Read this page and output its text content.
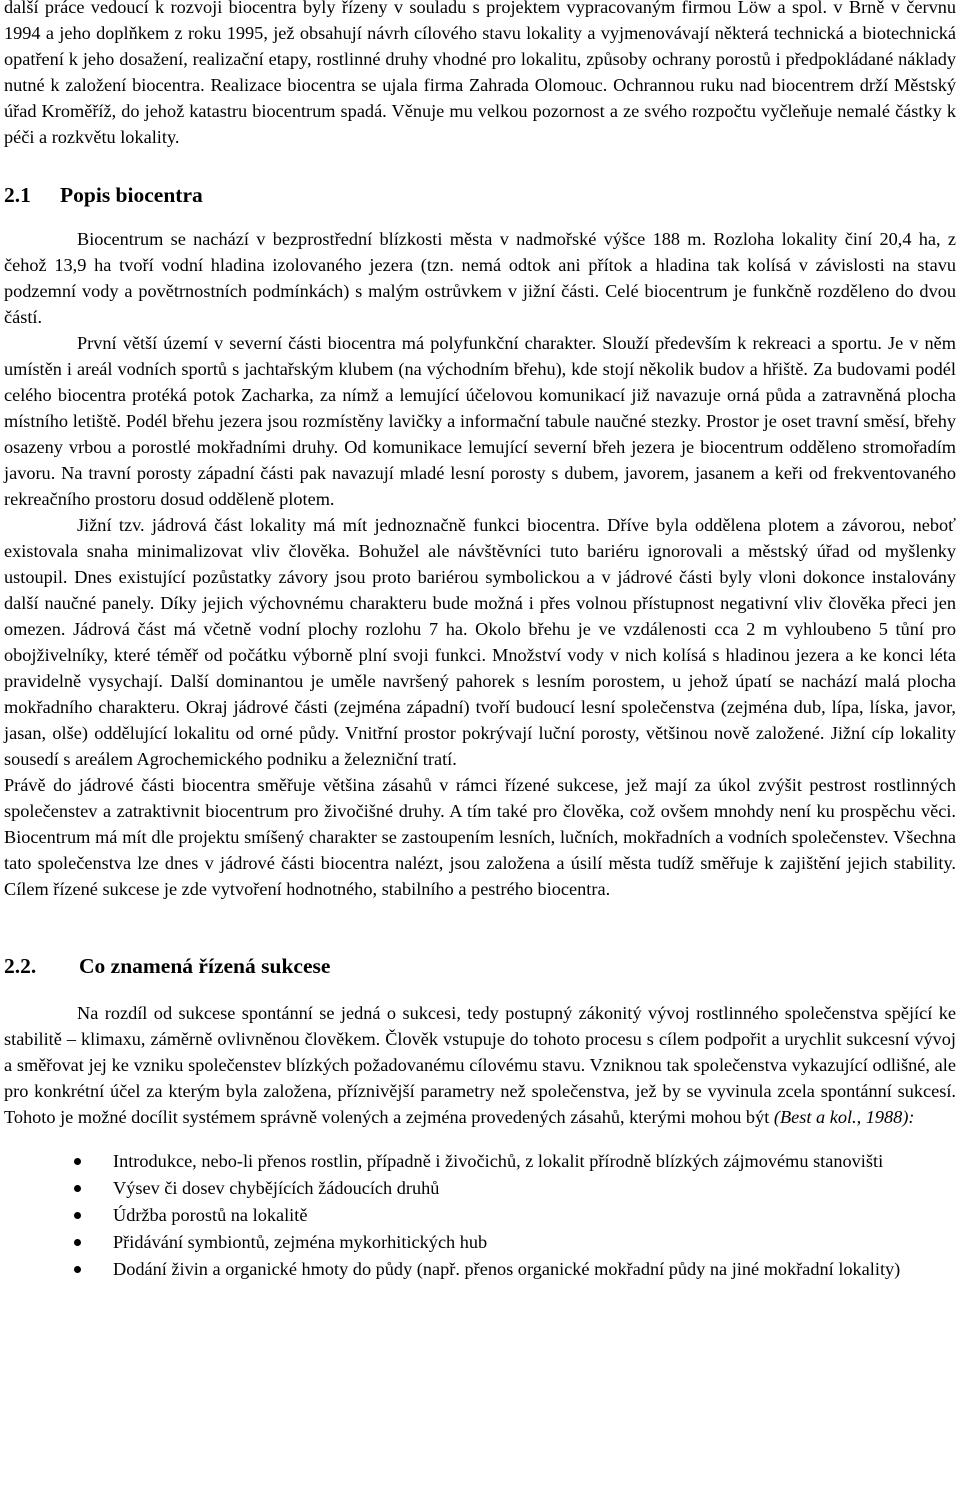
další práce vedoucí k rozvoji biocentra byly řízeny v souladu s projektem vypracovaným firmou Löw a spol. v Brně v červnu 1994 a jeho doplňkem z roku 1995, jež obsahují návrh cílového stavu lokality a vyjmenovávají některá technická a biotechnická opatření k jeho dosažení, realizační etapy, rostlinné druhy vhodné pro lokalitu, způsoby ochrany porostů i předpokládané náklady nutné k založení biocentra. Realizace biocentra se ujala firma Zahrada Olomouc. Ochrannou ruku nad biocentrem drží Městský úřad Kroměříž, do jehož katastru biocentrum spadá. Věnuje mu velkou pozornost a ze svého rozpočtu vyčleňuje nemalé částky k péči a rozkvětu lokality.

2.1 Popis biocentra

Biocentrum se nachází v bezprostřední blízkosti města v nadmořské výšce 188 m. Rozloha lokality činí 20,4 ha, z čehož 13,9 ha tvoří vodní hladina izolovaného jezera (tzn. nemá odtok ani přítok a hladina tak kolísá v závislosti na stavu podzemní vody a povětrnostních podmínkách) s malým ostrůvkem v jižní části. Celé biocentrum je funkčně rozděleno do dvou částí.

První větší území v severní části biocentra má polyfunkční charakter. Slouží především k rekreaci a sportu. Je v něm umístěn i areál vodních sportů s jachtařským klubem (na východním břehu), kde stojí několik budov a hřiště. Za budovami podél celého biocentra protéká potok Zacharka, za nímž a lemující účelovou komunikací již navazuje orná půda a zatravněná plocha místního letiště. Podél břehu jezera jsou rozmístěny lavičky a informační tabule naučné stezky. Prostor je oset travní směsí, břehy osazeny vrbou a porostlé mokřadními druhy. Od komunikace lemující severní břeh jezera je biocentrum odděleno stromořadím javoru. Na travní porosty západní části pak navazují mladé lesní porosty s dubem, javorem, jasanem a keři od frekventovaného rekreačního prostoru dosud odděleně plotem.

Jižní tzv. jádrová část lokality má mít jednoznačně funkci biocentra. Dříve byla oddělena plotem a závorou, neboť existovala snaha minimalizovat vliv člověka. Bohužel ale návštěvníci tuto bariéru ignorovali a městský úřad od myšlenky ustoupil. Dnes existující pozůstatky závory jsou proto bariérou symbolickou a v jádrové části byly vloni dokonce instalovány další naučné panely. Díky jejich výchovnému charakteru bude možná i přes volnou přístupnost negativní vliv člověka přeci jen omezen. Jádrová část má včetně vodní plochy rozlohu 7 ha. Okolo břehu je ve vzdálenosti cca 2 m vyhloubeno 5 tůní pro obojživelníky, které téměř od počátku výborně plní svoji funkci. Množství vody v nich kolísá s hladinou jezera a ke konci léta pravidelně vysychají. Další dominantou je uměle navršený pahorek s lesním porostem, u jehož úpatí se nachází malá plocha mokřadního charakteru. Okraj jádrové části (zejména západní) tvoří budoucí lesní společenstva (zejména dub, lípa, líska, javor, jasan, olše) oddělující lokalitu od orné půdy. Vnitřní prostor pokrývají luční porosty, většinou nově založené. Jižní cíp lokality sousedí s areálem Agrochemického podniku a železniční tratí.

Právě do jádrové části biocentra směřuje většina zásahů v rámci řízené sukcese, jež mají za úkol zvýšit pestrost rostlinných společenstev a zatraktivnit biocentrum pro živočišné druhy. A tím také pro člověka, což ovšem mnohdy není ku prospěchu věci. Biocentrum má mít dle projektu smíšený charakter se zastoupením lesních, lučních, mokřadních a vodních společenstev. Všechna tato společenstva lze dnes v jádrové části biocentra nalézt, jsou založena a úsilí města tudíž směřuje k zajištění jejich stability. Cílem řízené sukcese je zde vytvoření hodnotného, stabilního a pestrého biocentra.

2.2. Co znamená řízená sukcese

Na rozdíl od sukcese spontánní se jedná o sukcesi, tedy postupný zákonitý vývoj rostlinného společenstva spějící ke stabilitě – klimaxu, záměrně ovlivněnou člověkem. Člověk vstupuje do tohoto procesu s cílem podpořit a urychlit sukcesní vývoj a směřovat jej ke vzniku společenstev blízkých požadovanému cílovému stavu. Vzniknou tak společenstva vykazující odlišné, ale pro konkrétní účel za kterým byla založena, příznivější parametry než společenstva, jež by se vyvinula zcela spontánní sukcesí. Tohoto je možné docílit systémem správně volených a zejména provedených zásahů, kterými mohou být (Best a kol., 1988):

Introdukce, nebo-li přenos rostlin, případně i živočichů, z lokalit přírodně blízkých zájmovému stanovišti
Výsev či dosev chybějících žádoucích druhů
Údržba porostů na lokalitě
Přidávání symbiontů, zejména mykorhitických hub
Dodání živin a organické hmoty do půdy (např. přenos organické mokřadní půdy na jiné mokřadní lokality)
